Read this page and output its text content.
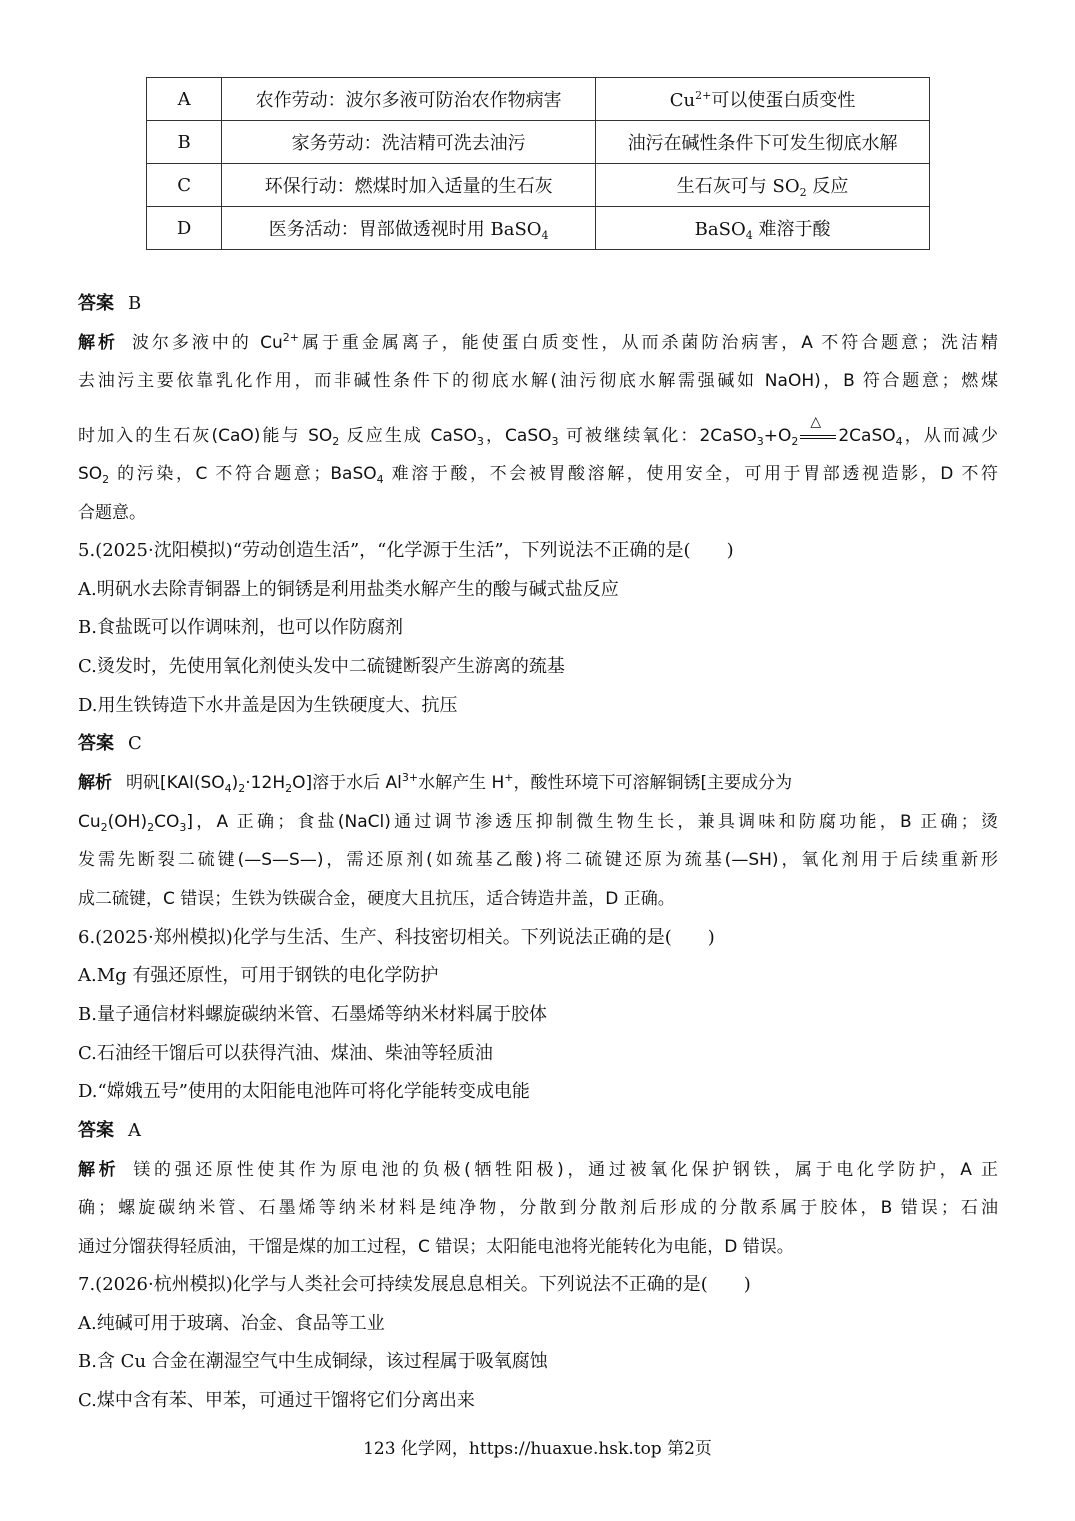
A	农作劳动：波尔多液可防治农作物病害	$Cu^{2+}$可以使蛋白质变性
B	家务劳动：洗洁精可洗去油污	油污在碱性条件下可发生彻底水解
C	环保行动：燃煤时加入适量的生石灰	生石灰可与 $SO_2$ 反应
D	医务活动：胃部做透视时用 BaSO$_4$	BaSO$_4$ 难溶于酸
答案 B
解析 波尔多液中的 $Cu^{2+}$属于重金属离子，能使蛋白质变性，从而杀菌防治病害，A 不符合题意；洗洁精
去油污主要依靠乳化作用，而非碱性条件下的彻底水解(油污彻底水解需强碱如 NaOH)，B 符合题意；燃煤
时加入的生石灰(CaO)能与 $SO_2$ 反应生成 CaSO$_3$，CaSO$_3$ 可被继续氧化：$2CaSO_3+O_2$
△
2CaSO$_4$，从而减少
$SO_2$ 的污染，C 不符合题意；BaSO$_4$ 难溶于酸，不会被胃酸溶解，使用安全，可用于胃部透视造影，D 不符
合题意。
5.(2025·沈阳模拟)“劳动创造生活”，“化学源于生活”，下列说法不正确的是(　　)
A.明矾水去除青铜器上的铜锈是利用盐类水解产生的酸与碱式盐反应
B.食盐既可以作调味剂，也可以作防腐剂
C.烫发时，先使用氧化剂使头发中二硫键断裂产生游离的巯基
D.用生铁铸造下水井盖是因为生铁硬度大、抗压
答案 C
解析 明矾$[KAl(SO_4)_2\cdot 12H_2O]$溶于水后 $Al^{3+}$水解产生 H+，酸性环境下可溶解铜锈[主要成分为
$Cu_2(OH)_2CO_3$]，A 正确；食盐(NaCl)通过调节渗透压抑制微生物生长，兼具调味和防腐功能，B 正确；烫
发需先断裂二硫键(—S—S—)，需还原剂(如巯基乙酸)将二硫键还原为巯基(—SH)，氧化剂用于后续重新形
成二硫键，C 错误；生铁为铁碳合金，硬度大且抗压，适合铸造井盖，D 正确。
6.(2025·郑州模拟)化学与生活、生产、科技密切相关。下列说法正确的是(　　)
A.Mg 有强还原性，可用于钢铁的电化学防护
B.量子通信材料螺旋碳纳米管、石墨烯等纳米材料属于胶体
C.石油经干馏后可以获得汽油、煤油、柴油等轻质油
D.“嫦娥五号”使用的太阳能电池阵可将化学能转变成电能
答案 A
解析 镁的强还原性使其作为原电池的负极(牺牲阳极)，通过被氧化保护钢铁，属于电化学防护，A 正
确；螺旋碳纳米管、石墨烯等纳米材料是纯净物，分散到分散剂后形成的分散系属于胶体，B 错误；石油
通过分馏获得轻质油，干馏是煤的加工过程，C 错误；太阳能电池将光能转化为电能，D 错误。
7.(2026·杭州模拟)化学与人类社会可持续发展息息相关。下列说法不正确的是(　　)
A.纯碱可用于玻璃、冶金、食品等工业
B.含 Cu 合金在潮湿空气中生成铜绿，该过程属于吸氧腐蚀
C.煤中含有苯、甲苯，可通过干馏将它们分离出来
123 化学网，https://huaxue.hsk.top 第2页
